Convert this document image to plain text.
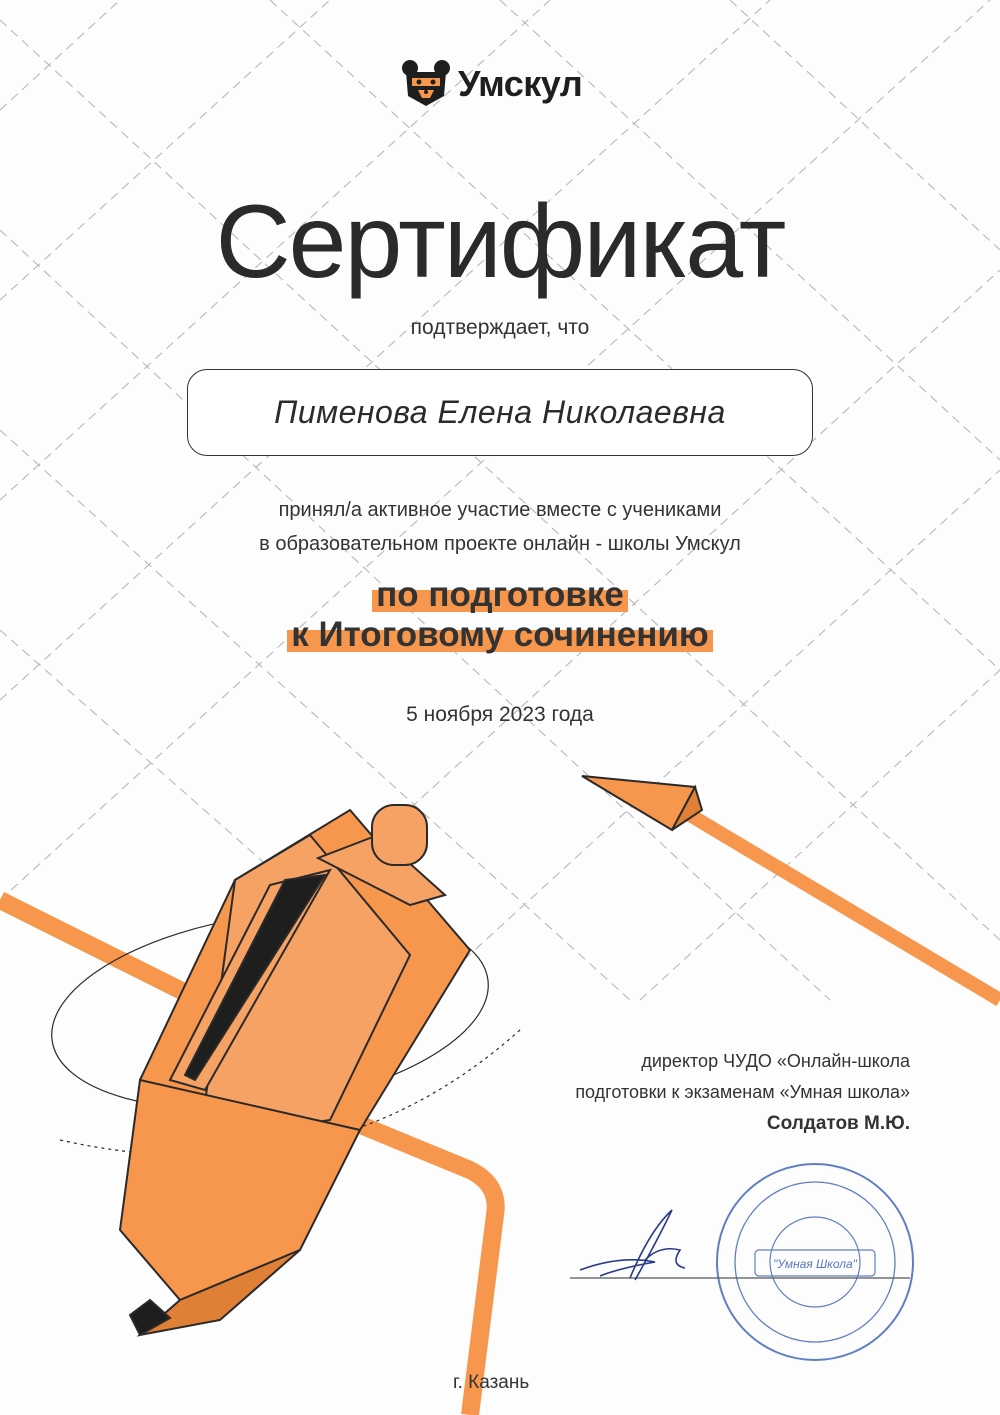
Умскул
Сертификат
подтверждает, что
Пименова Елена Николаевна
принял/а активное участие вместе с учениками
в образовательном проекте онлайн - школы Умскул
по подготовке
к Итоговому сочинению
5 ноября 2023 года
директор ЧУДО «Онлайн-школа
подготовки к экзаменам «Умная школа»
Солдатов М.Ю.
"Умная Школа"
г. Казань
